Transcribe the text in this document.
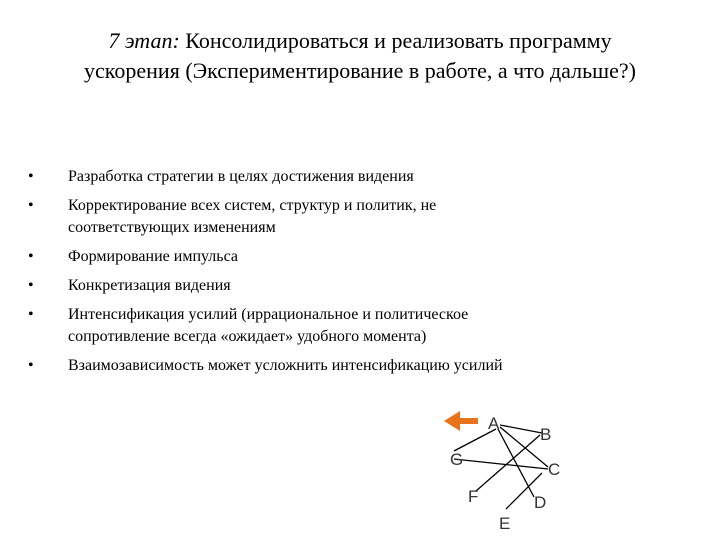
7 этап: Консолидироваться и реализовать программу
ускорения (Экспериментирование в работе, а что дальше?)
• Разработка стратегии в целях достижения видения
• Корректирование всех систем, структур и политик, не
соответствующих изменениям
• Формирование импульса
• Конкретизация видения
• Интенсификация усилий (иррациональное и политическое
сопротивление всегда «ожидает» удобного момента)
• Взаимозависимость может усложнить интенсификацию усилий
A
B
C
D
E
F
G
